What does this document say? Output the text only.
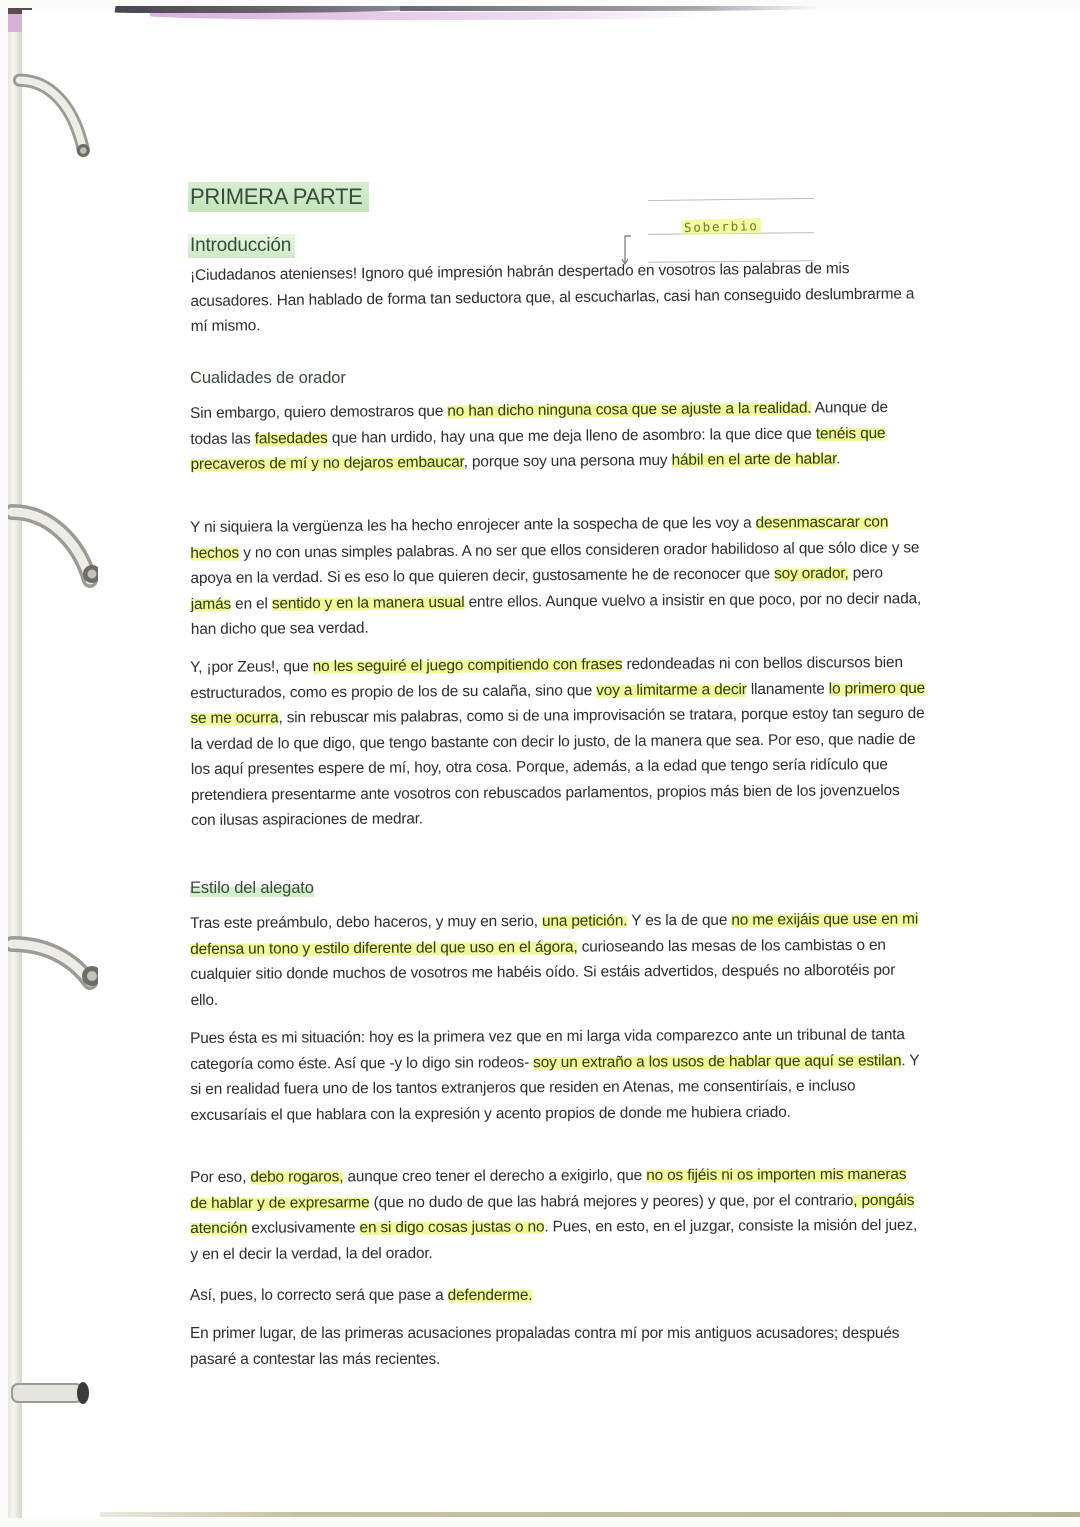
PRIMERA PARTE
Introducción
Soberbio

¡Ciudadanos atenienses! Ignoro qué impresión habrán despertado en vosotros las palabras de mis acusadores. Han hablado de forma tan seductora que, al escucharlas, casi han conseguido deslumbrarme a mí mismo.

Cualidades de orador

Sin embargo, quiero demostraros que no han dicho ninguna cosa que se ajuste a la realidad. Aunque de todas las falsedades que han urdido, hay una que me deja lleno de asombro: la que dice que tenéis que precaveros de mí y no dejaros embaucar, porque soy una persona muy hábil en el arte de hablar.

Y ni siquiera la vergüenza les ha hecho enrojecer ante la sospecha de que les voy a desenmascarar con hechos y no con unas simples palabras. A no ser que ellos consideren orador habilidoso al que sólo dice y se apoya en la verdad. Si es eso lo que quieren decir, gustosamente he de reconocer que soy orador, pero jamás en el sentido y en la manera usual entre ellos. Aunque vuelvo a insistir en que poco, por no decir nada, han dicho que sea verdad.

Y, ¡por Zeus!, que no les seguiré el juego compitiendo con frases redondeadas ni con bellos discursos bien estructurados, como es propio de los de su calaña, sino que voy a limitarme a decir llanamente lo primero que se me ocurra, sin rebuscar mis palabras, como si de una improvisación se tratara, porque estoy tan seguro de la verdad de lo que digo, que tengo bastante con decir lo justo, de la manera que sea. Por eso, que nadie de los aquí presentes espere de mí, hoy, otra cosa. Porque, además, a la edad que tengo sería ridículo que pretendiera presentarme ante vosotros con rebuscados parlamentos, propios más bien de los jovenzuelos con ilusas aspiraciones de medrar.

Estilo del alegato

Tras este preámbulo, debo haceros, y muy en serio, una petición. Y es la de que no me exijáis que use en mi defensa un tono y estilo diferente del que uso en el ágora, curioseando las mesas de los cambistas o en cualquier sitio donde muchos de vosotros me habéis oído. Si estáis advertidos, después no alborotéis por ello.

Pues ésta es mi situación: hoy es la primera vez que en mi larga vida comparezco ante un tribunal de tanta categoría como éste. Así que -y lo digo sin rodeos- soy un extraño a los usos de hablar que aquí se estilan. Y si en realidad fuera uno de los tantos extranjeros que residen en Atenas, me consentiríais, e incluso excusaríais el que hablara con la expresión y acento propios de donde me hubiera criado.

Por eso, debo rogaros, aunque creo tener el derecho a exigirlo, que no os fijéis ni os importen mis maneras de hablar y de expresarme (que no dudo de que las habrá mejores y peores) y que, por el contrario, pongáis atención exclusivamente en si digo cosas justas o no. Pues, en esto, en el juzgar, consiste la misión del juez, y en el decir la verdad, la del orador.

Así, pues, lo correcto será que pase a defenderme.

En primer lugar, de las primeras acusaciones propaladas contra mí por mis antiguos acusadores; después pasaré a contestar las más recientes.
